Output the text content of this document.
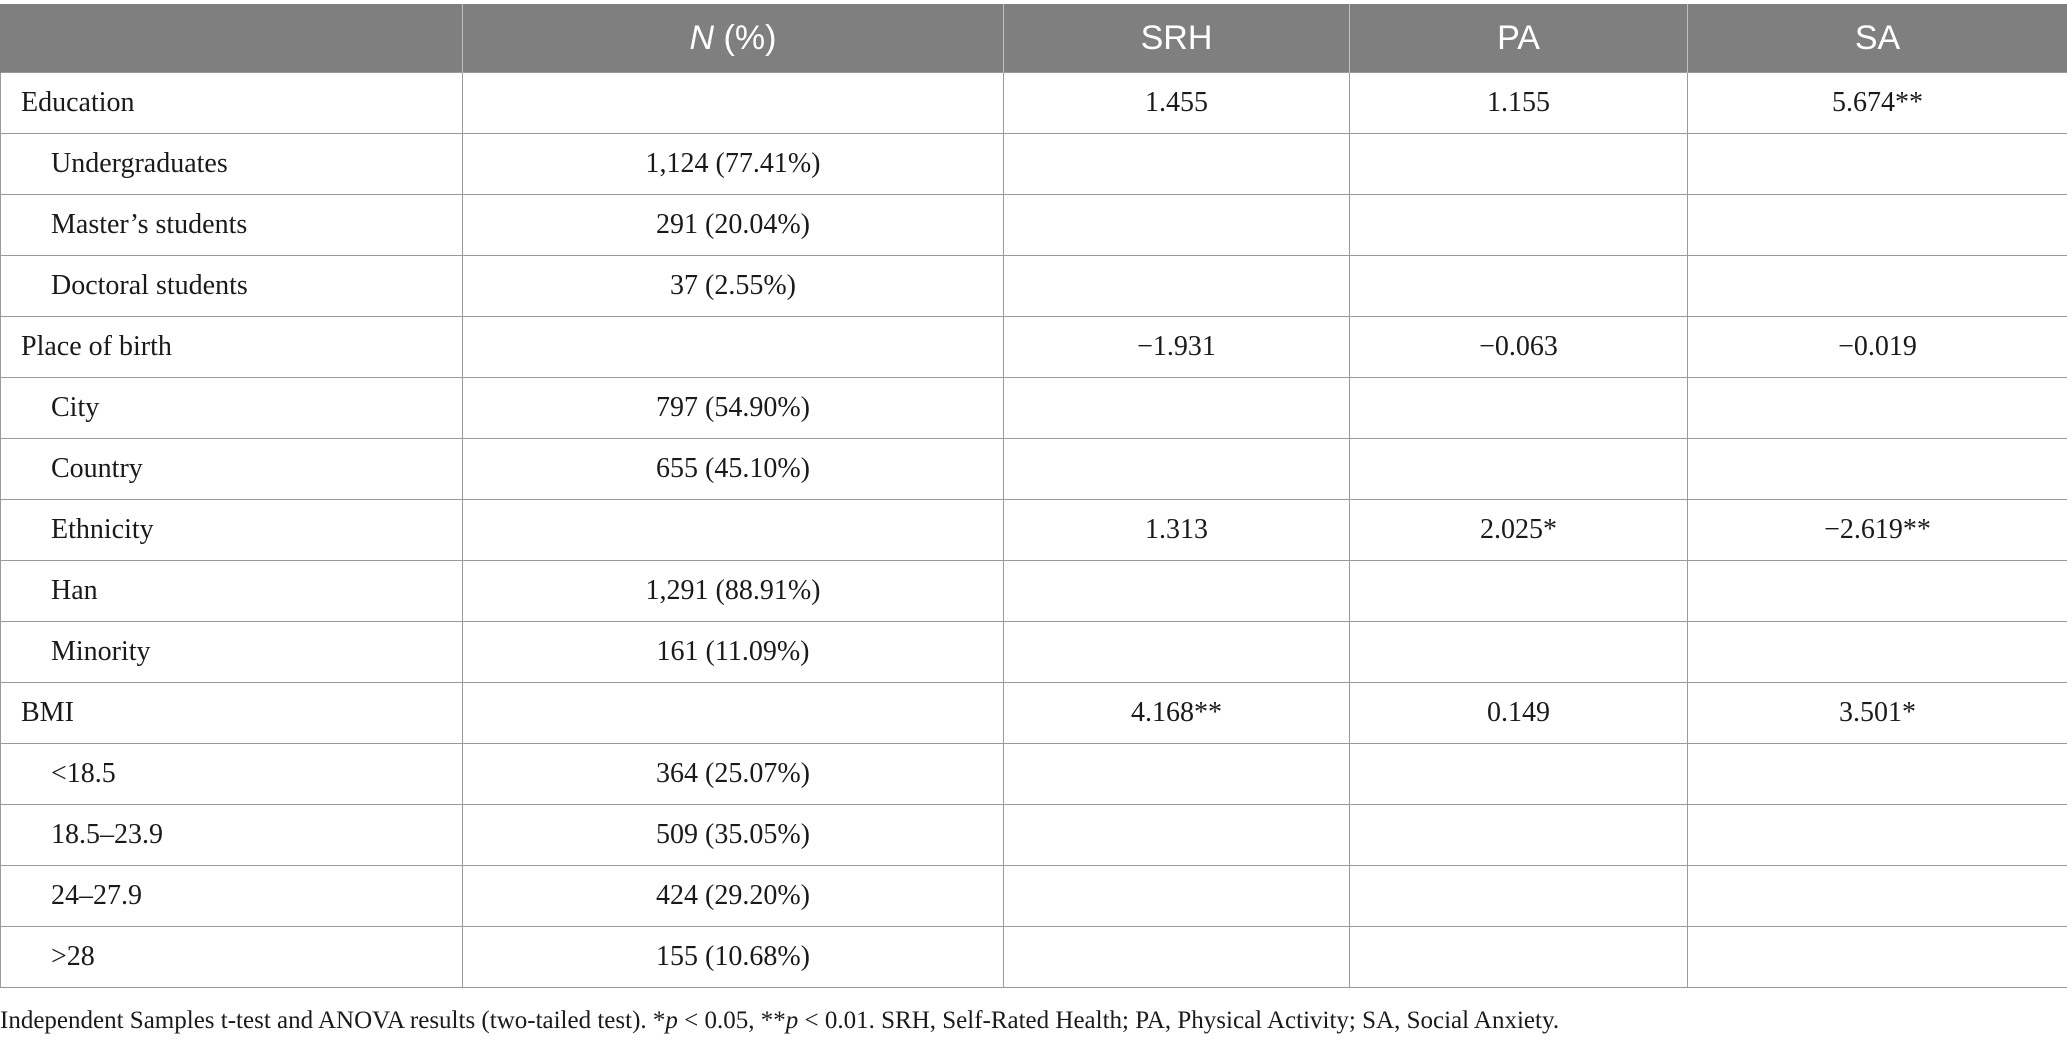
	N (%)	SRH	PA	SA
Education		1.455	1.155	5.674**
Undergraduates	1,124 (77.41%)			
Master’s students	291 (20.04%)			
Doctoral students	37 (2.55%)			
Place of birth		−1.931	−0.063	−0.019
City	797 (54.90%)			
Country	655 (45.10%)			
Ethnicity		1.313	2.025*	−2.619**
Han	1,291 (88.91%)			
Minority	161 (11.09%)			
BMI		4.168**	0.149	3.501*
<18.5	364 (25.07%)			
18.5–23.9	509 (35.05%)			
24–27.9	424 (29.20%)			
>28	155 (10.68%)			
Independent Samples t-test and ANOVA results (two-tailed test). *p < 0.05, **p < 0.01. SRH, Self-Rated Health; PA, Physical Activity; SA, Social Anxiety.
